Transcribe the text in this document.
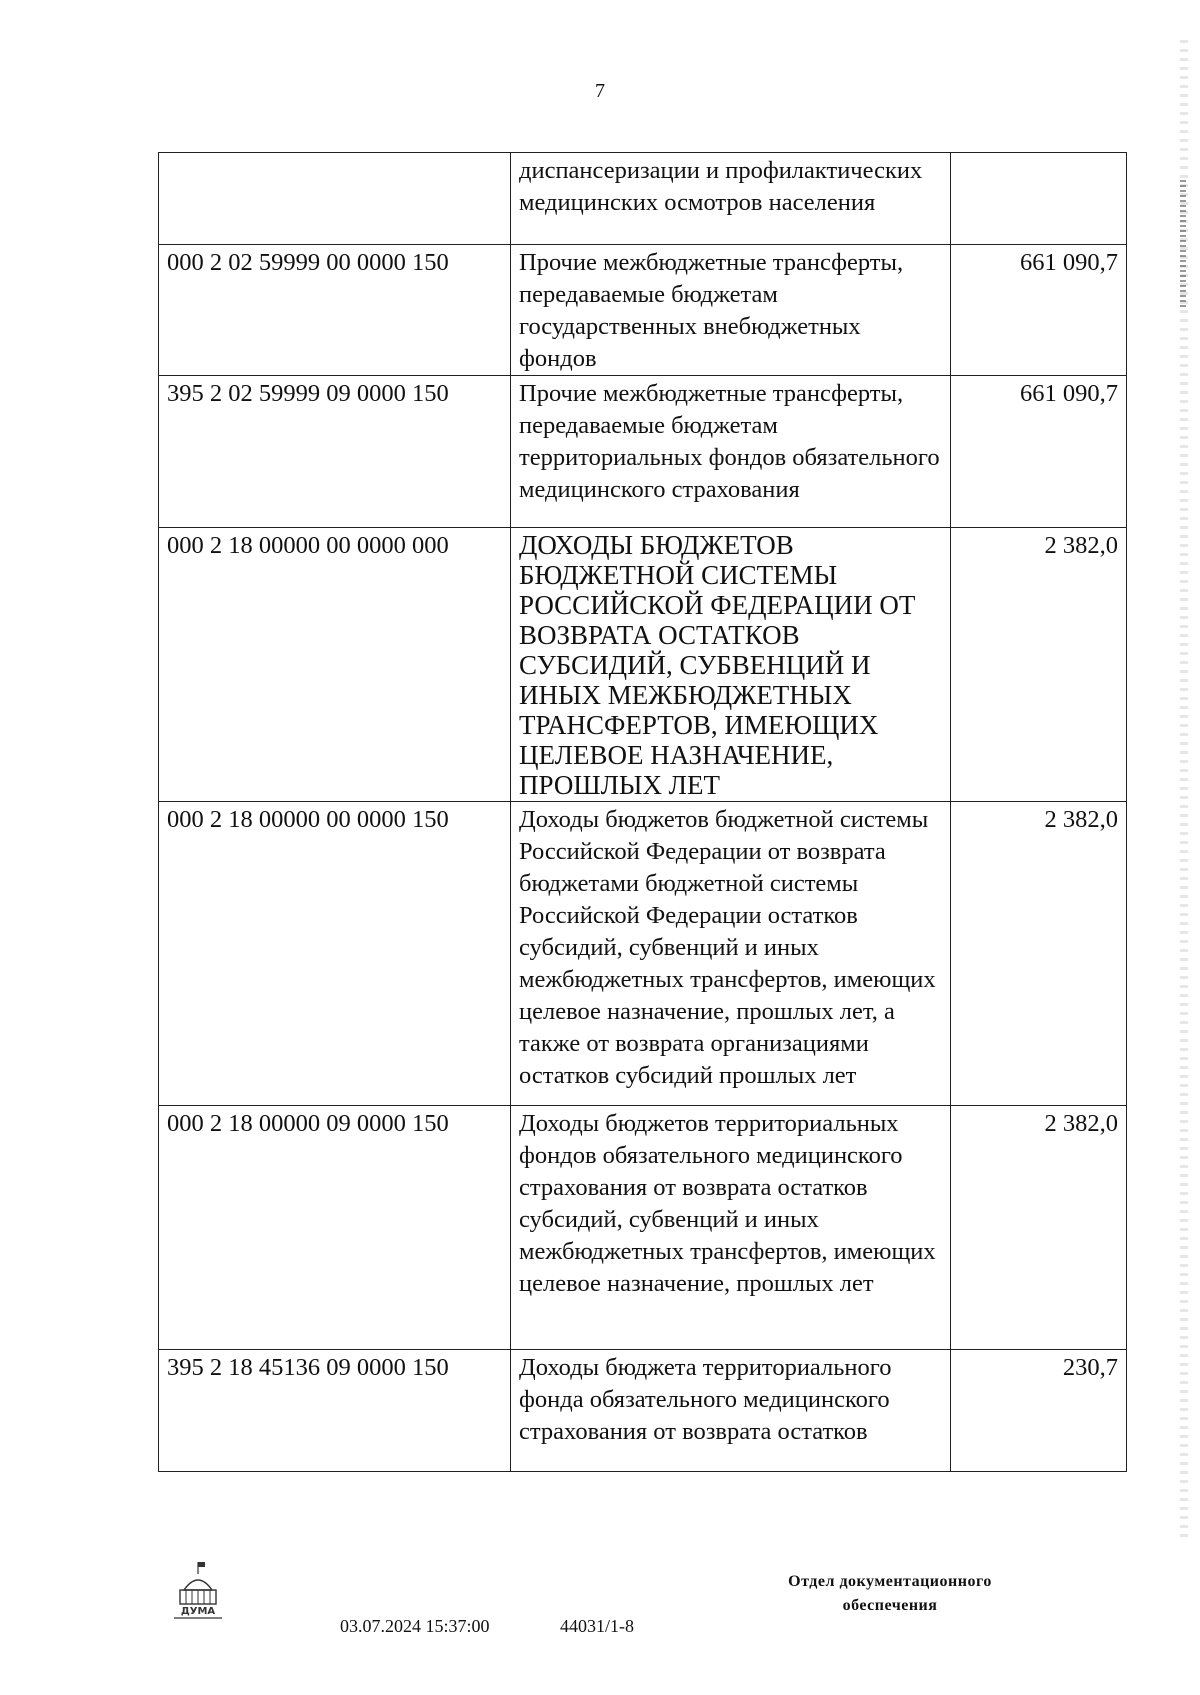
7
	диспансеризации и профилактических медицинских осмотров населения	
000 2 02 59999 00 0000 150	Прочие межбюджетные трансферты, передаваемые бюджетам государственных внебюджетных фондов	661 090,7
395 2 02 59999 09 0000 150	Прочие межбюджетные трансферты, передаваемые бюджетам территориальных фондов обязательного медицинского страхования	661 090,7
000 2 18 00000 00 0000 000	ДОХОДЫ БЮДЖЕТОВ БЮДЖЕТНОЙ СИСТЕМЫ РОССИЙСКОЙ ФЕДЕРАЦИИ ОТ ВОЗВРАТА ОСТАТКОВ СУБСИДИЙ, СУБВЕНЦИЙ И ИНЫХ МЕЖБЮДЖЕТНЫХ ТРАНСФЕРТОВ, ИМЕЮЩИХ ЦЕЛЕВОЕ НАЗНАЧЕНИЕ, ПРОШЛЫХ ЛЕТ	2 382,0
000 2 18 00000 00 0000 150	Доходы бюджетов бюджетной системы Российской Федерации от возврата бюджетами бюджетной системы Российской Федерации остатков субсидий, субвенций и иных межбюджетных трансфертов, имеющих целевое назначение, прошлых лет, а также от возврата организациями остатков субсидий прошлых лет	2 382,0
000 2 18 00000 09 0000 150	Доходы бюджетов территориальных фондов обязательного медицинского страхования от возврата остатков субсидий, субвенций и иных межбюджетных трансфертов, имеющих целевое назначение, прошлых лет	2 382,0
395 2 18 45136 09 0000 150	Доходы бюджета территориального фонда обязательного медицинского страхования от возврата остатков	230,7
ДУМА
03.07.2024 15:37:00	44031/1-8
Отдел документационного
обеспечения
